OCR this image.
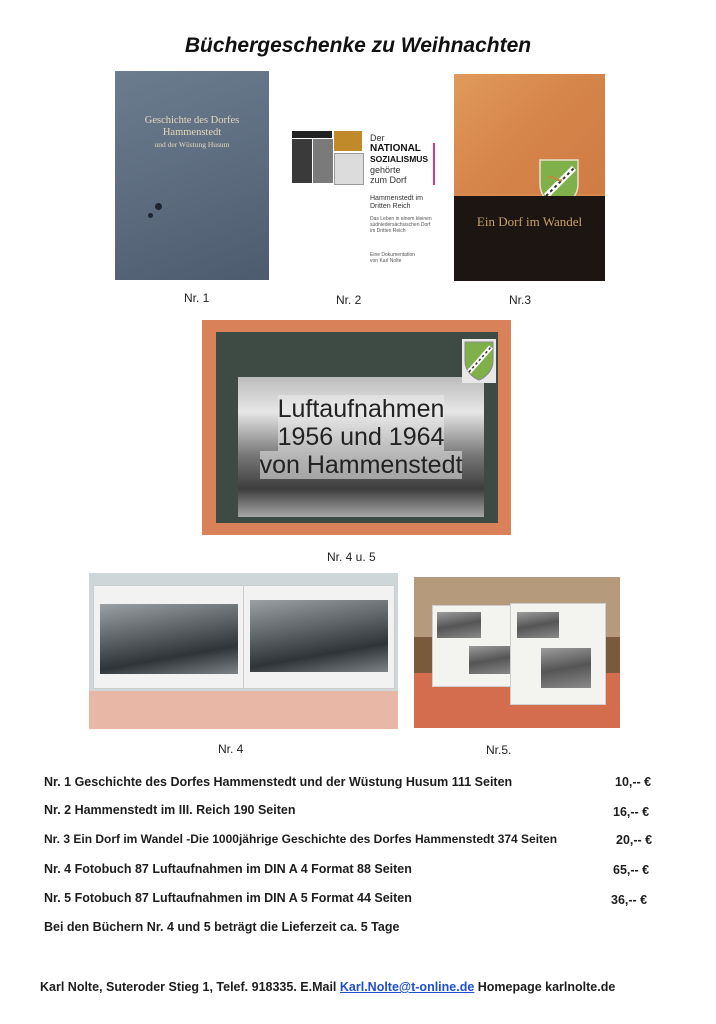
Büchergeschenke zu Weihnachten
Geschichte des Dorfes
Hammenstedt
und der Wüstung Husum
Nr. 1
Der
NATIONAL
SOZIALISMUS
gehörte
zum Dorf
Hammenstedt im
Dritten Reich
Das Leben in einem kleinen
südniedersächsischen Dorf
im Dritten Reich
Eine Dokumentation
von Karl Nolte
Nr. 2
Ein Dorf im Wandel
Nr.3
Luftaufnahmen
1956 und 1964
von Hammenstedt
Nr. 4 u. 5
Nr. 4	Nr.5.
Nr. 1 Geschichte des Dorfes Hammenstedt und der Wüstung Husum 111 Seiten	10,-- €
Nr. 2 Hammenstedt im III. Reich 190 Seiten	16,-- €
Nr. 3 Ein Dorf im Wandel -Die 1000jährige Geschichte des Dorfes Hammenstedt 374 Seiten	20,-- €
Nr. 4 Fotobuch 87 Luftaufnahmen im DIN A 4 Format 88 Seiten	65,-- €
Nr. 5 Fotobuch 87 Luftaufnahmen im DIN A 5 Format 44 Seiten	36,-- €
Bei den Büchern Nr. 4 und 5 beträgt die Lieferzeit ca. 5 Tage
Karl Nolte, Suteroder Stieg 1, Telef. 918335. E.Mail Karl.Nolte@t-online.de Homepage karlnolte.de
